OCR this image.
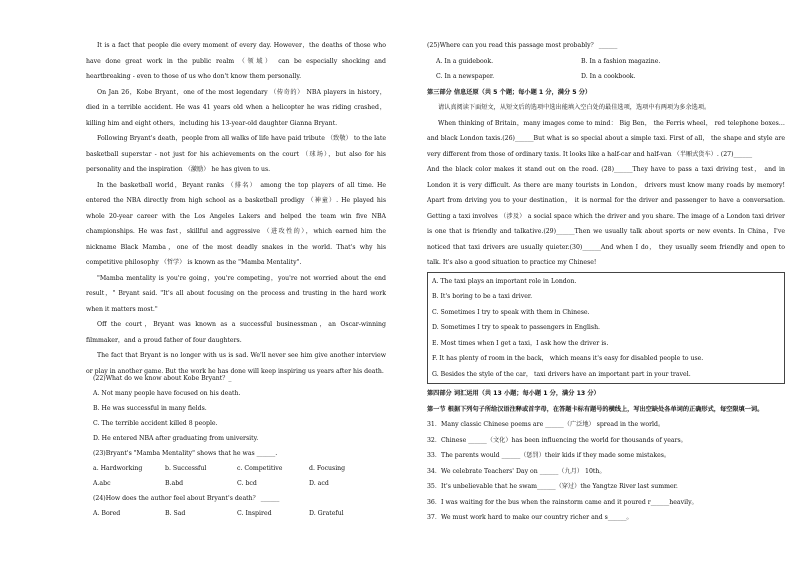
It is a fact that people die every moment of every day. However，the deaths of those who have done great work in the public realm （领域） can be especially shocking and heartbreaking - even to those of us who don't know them personally.

On Jan 26，Kobe Bryant，one of the most legendary （传奇的） NBA players in history，died in a terrible accident. He was 41 years old when a helicopter he was riding crashed，killing him and eight others，including his 13-year-old daughter Gianna Bryant.

Following Bryant's death，people from all walks of life have paid tribute （致敬） to the late basketball superstar - not just for his achievements on the court （球场），but also for his personality and the inspiration （激励） he has given to us.

In the basketball world，Bryant ranks （排名） among the top players of all time. He entered the NBA directly from high school as a basketball prodigy （神童）. He played his whole 20-year career with the Los Angeles Lakers and helped the team win five NBA championships. He was fast，skillful and aggressive （进攻性的），which earned him the nickname Black Mamba，one of the most deadly snakes in the world. That's why his competitive philosophy （哲学） is known as the "Mamba Mentality".

"Mamba mentality is you're going，you're competing，you're not worried about the end result，" Bryant said. "It's all about focusing on the process and trusting in the hard work when it matters most."

Off the court，Bryant was known as a successful businessman，an Oscar-winning filmmaker，and a proud father of four daughters.

The fact that Bryant is no longer with us is sad. We'll never see him give another interview or play in another game. But the work he has done will keep inspiring us years after his death.

(22)What do we know about Kobe Bryant？_
A. Not many people have focused on his death.
B. He was successful in many fields.
C. The terrible accident killed 8 people.
D. He entered NBA after graduating from university.
(23)Bryant's "Mamba Mentality" shows that he was ______.
a. Hardworking	b. Successful	c. Competitive	d. Focusing
A.abc	B.abd	C. bcd	D. acd
(24)How does the author feel about Bryant's death？ ______
A. Bored	B. Sad	C. Inspired	D. Grateful

(25)Where can you read this passage most probably？ ______

A. In a guidebook.	B. In a fashion magazine.
C. In a newspaper.	D. In a cookbook.

第三部分 信息还原（共 5 个题；每小题 1 分，满分 5 分）

请认真阅读下面短文，从短文后的选项中选出能填入空白处的最佳选项，选项中有两项为多余选项。

When thinking of Britain，many images come to mind： Big Ben， the Ferris wheel， red telephone boxes…and black London taxis.(26)______But what is so special about a simple taxi. First of all， the shape and style are very different from those of ordinary taxis. It looks like a half-car and half-van （半厢式货车）. (27)______

And the black color makes it stand out on the road. (28)______They have to pass a taxi driving test， and in London it is very difficult. As there are many tourists in London， drivers must know many roads by memory! Apart from driving you to your destination， it is normal for the driver and passenger to have a conversation. Getting a taxi involves （涉及） a social space which the driver and you share. The image of a London taxi driver is one that is friendly and talkative.(29)______Then we usually talk about sports or new events. In China，I've noticed that taxi drivers are usually quieter.(30)______And when I do， they usually seem friendly and open to talk. It's also a good situation to practice my Chinese!

A. The taxi plays an important role in London.

B. It's boring to be a taxi driver.

C. Sometimes I try to speak with them in Chinese.

D. Sometimes I try to speak to passengers in English.

E. Most times when I get a taxi，I ask how the driver is.

F. It has plenty of room in the back， which means it's easy for disabled people to use.

G. Besides the style of the car， taxi drivers have an important part in your travel.

第四部分 词汇运用（共 13 小题；每小题 1 分，满分 13 分）

第一节 根据下列句子所给汉语注释或首字母，在答题卡标有题号的横线上，写出空缺处各单词的正确形式，每空限填一词。

31．Many classic Chinese poems are ______（广泛地） spread in the world。

32．Chinese ______（文化）has been influencing the world for thousands of years。

33．The parents would ______（惩罚）their kids if they made some mistakes。

34．We celebrate Teachers' Day on ______（九月） 10th。

35．It's unbelievable that he swam______（穿过）the Yangtze River last summer.

36．I was waiting for the bus when the rainstorm came and it poured r______heavily。

37．We must work hard to make our country richer and s______。
